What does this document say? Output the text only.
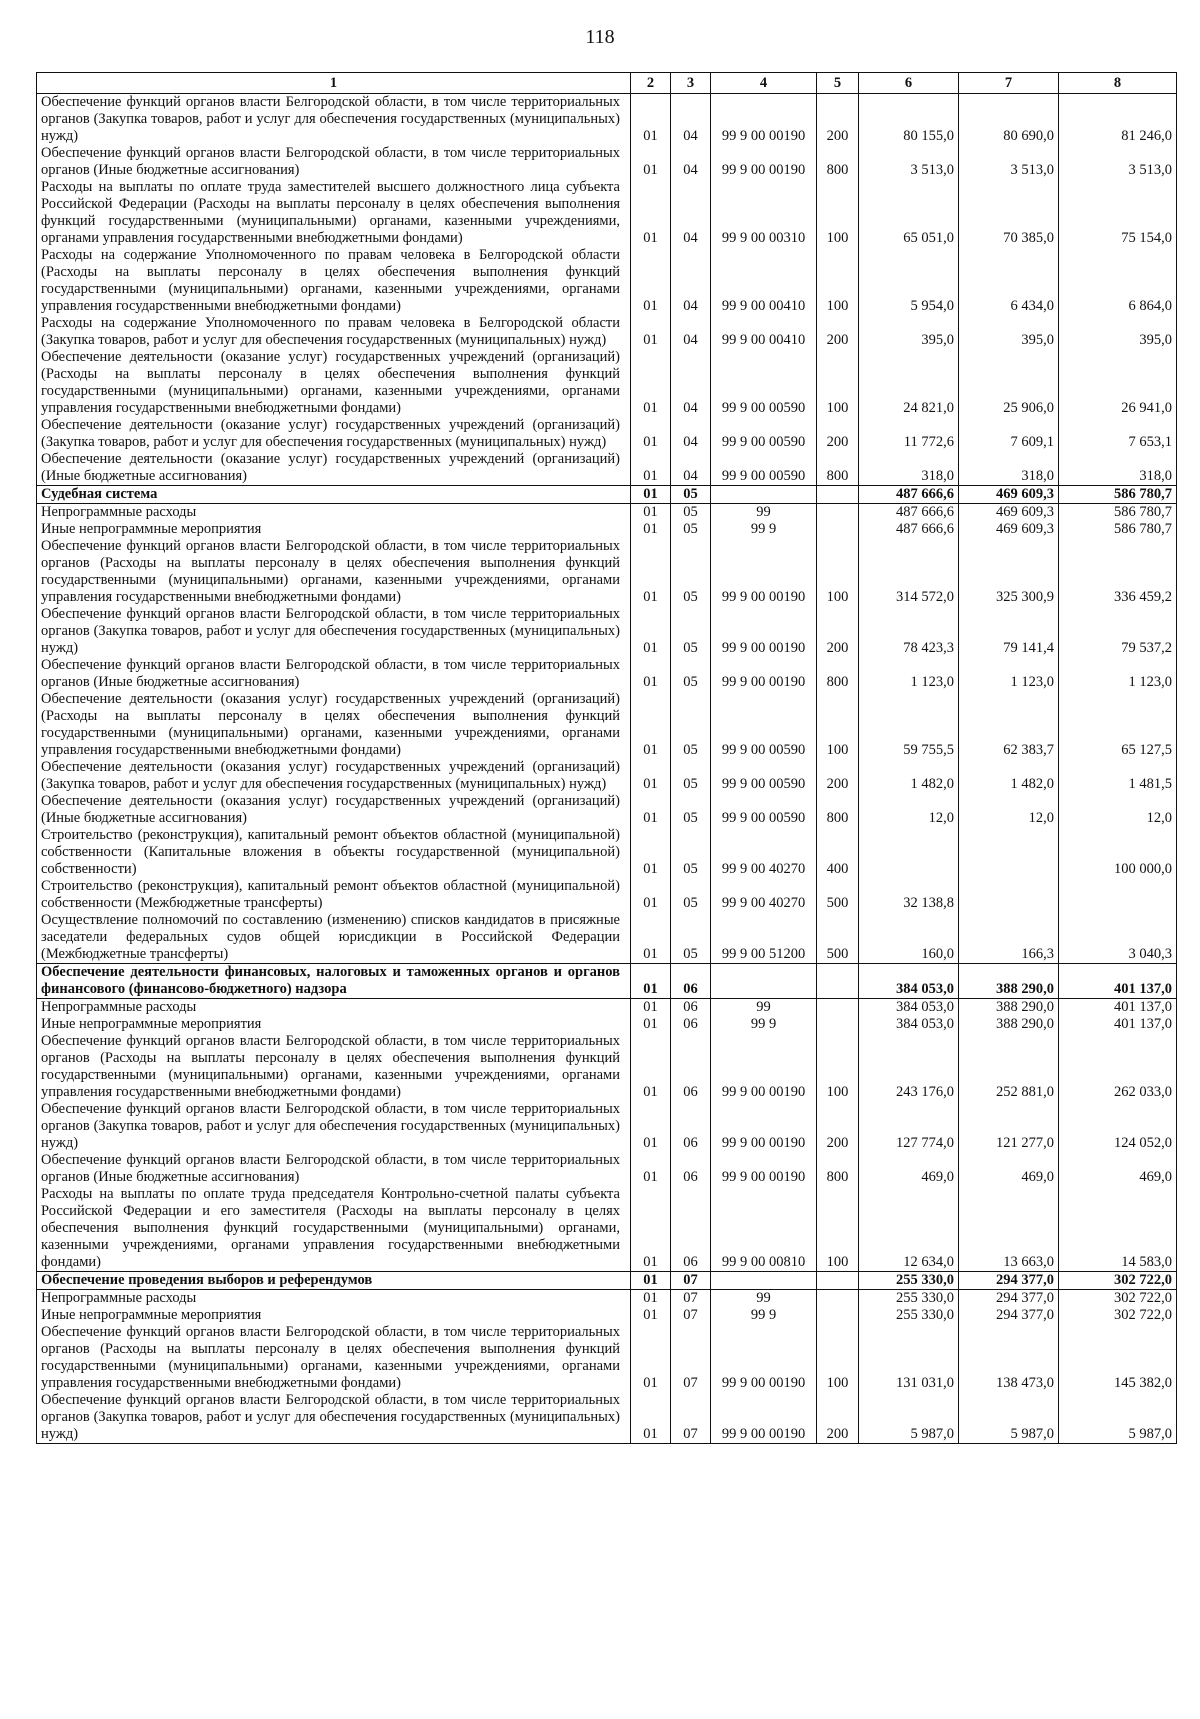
118
1	2	3	4	5	6	7	8
Обеспечение функций органов власти Белгородской области, в том числе территориальных органов (Закупка товаров, работ и услуг для обеспечения государственных (муниципальных) нужд)	01	04	99 9 00 00190	200	80 155,0	80 690,0	81 246,0
Обеспечение функций органов власти Белгородской области, в том числе территориальных органов (Иные бюджетные ассигнования)	01	04	99 9 00 00190	800	3 513,0	3 513,0	3 513,0
Расходы на выплаты по оплате труда заместителей высшего должностного лица субъекта Российской Федерации (Расходы на выплаты персоналу в целях обеспечения выполнения функций государственными (муниципальными) органами, казенными учреждениями, органами управления государственными внебюджетными фондами)	01	04	99 9 00 00310	100	65 051,0	70 385,0	75 154,0
Расходы на содержание Уполномоченного по правам человека в Белгородской области (Расходы на выплаты персоналу в целях обеспечения выполнения функций государственными (муниципальными) органами, казенными учреждениями, органами управления государственными внебюджетными фондами)	01	04	99 9 00 00410	100	5 954,0	6 434,0	6 864,0
Расходы на содержание Уполномоченного по правам человека в Белгородской области (Закупка товаров, работ и услуг для обеспечения государственных (муниципальных) нужд)	01	04	99 9 00 00410	200	395,0	395,0	395,0
Обеспечение деятельности (оказание услуг) государственных учреждений (организаций) (Расходы на выплаты персоналу в целях обеспечения выполнения функций государственными (муниципальными) органами, казенными учреждениями, органами управления государственными внебюджетными фондами)	01	04	99 9 00 00590	100	24 821,0	25 906,0	26 941,0
Обеспечение деятельности (оказание услуг) государственных учреждений (организаций) (Закупка товаров, работ и услуг для обеспечения государственных (муниципальных) нужд)	01	04	99 9 00 00590	200	11 772,6	7 609,1	7 653,1
Обеспечение деятельности (оказание услуг) государственных учреждений (организаций) (Иные бюджетные ассигнования)	01	04	99 9 00 00590	800	318,0	318,0	318,0
Судебная система	01	05			487 666,6	469 609,3	586 780,7
Непрограммные расходы	01	05	99		487 666,6	469 609,3	586 780,7
Иные непрограммные мероприятия	01	05	99 9		487 666,6	469 609,3	586 780,7
Обеспечение функций органов власти Белгородской области, в том числе территориальных органов (Расходы на выплаты персоналу в целях обеспечения выполнения функций государственными (муниципальными) органами, казенными учреждениями, органами управления государственными внебюджетными фондами)	01	05	99 9 00 00190	100	314 572,0	325 300,9	336 459,2
Обеспечение функций органов власти Белгородской области, в том числе территориальных органов (Закупка товаров, работ и услуг для обеспечения государственных (муниципальных) нужд)	01	05	99 9 00 00190	200	78 423,3	79 141,4	79 537,2
Обеспечение функций органов власти Белгородской области, в том числе территориальных органов (Иные бюджетные ассигнования)	01	05	99 9 00 00190	800	1 123,0	1 123,0	1 123,0
Обеспечение деятельности (оказания услуг) государственных учреждений (организаций) (Расходы на выплаты персоналу в целях обеспечения выполнения функций государственными (муниципальными) органами, казенными учреждениями, органами управления государственными внебюджетными фондами)	01	05	99 9 00 00590	100	59 755,5	62 383,7	65 127,5
Обеспечение деятельности (оказания услуг) государственных учреждений (организаций) (Закупка товаров, работ и услуг для обеспечения государственных (муниципальных) нужд)	01	05	99 9 00 00590	200	1 482,0	1 482,0	1 481,5
Обеспечение деятельности (оказания услуг) государственных учреждений (организаций) (Иные бюджетные ассигнования)	01	05	99 9 00 00590	800	12,0	12,0	12,0
Строительство (реконструкция), капитальный ремонт объектов областной (муниципальной) собственности (Капитальные вложения в объекты государственной (муниципальной) собственности)	01	05	99 9 00 40270	400			100 000,0
Строительство (реконструкция), капитальный ремонт объектов областной (муниципальной) собственности (Межбюджетные трансферты)	01	05	99 9 00 40270	500	32 138,8		
Осуществление полномочий по составлению (изменению) списков кандидатов в присяжные заседатели федеральных судов общей юрисдикции в Российской Федерации (Межбюджетные трансферты)	01	05	99 9 00 51200	500	160,0	166,3	3 040,3
Обеспечение деятельности финансовых, налоговых и таможенных органов и органов финансового (финансово-бюджетного) надзора	01	06			384 053,0	388 290,0	401 137,0
Непрограммные расходы	01	06	99		384 053,0	388 290,0	401 137,0
Иные непрограммные мероприятия	01	06	99 9		384 053,0	388 290,0	401 137,0
Обеспечение функций органов власти Белгородской области, в том числе территориальных органов (Расходы на выплаты персоналу в целях обеспечения выполнения функций государственными (муниципальными) органами, казенными учреждениями, органами управления государственными внебюджетными фондами)	01	06	99 9 00 00190	100	243 176,0	252 881,0	262 033,0
Обеспечение функций органов власти Белгородской области, в том числе территориальных органов (Закупка товаров, работ и услуг для обеспечения государственных (муниципальных) нужд)	01	06	99 9 00 00190	200	127 774,0	121 277,0	124 052,0
Обеспечение функций органов власти Белгородской области, в том числе территориальных органов (Иные бюджетные ассигнования)	01	06	99 9 00 00190	800	469,0	469,0	469,0
Расходы на выплаты по оплате труда председателя Контрольно-счетной палаты субъекта Российской Федерации и его заместителя (Расходы на выплаты персоналу в целях обеспечения выполнения функций государственными (муниципальными) органами, казенными учреждениями, органами управления государственными внебюджетными фондами)	01	06	99 9 00 00810	100	12 634,0	13 663,0	14 583,0
Обеспечение проведения выборов и референдумов	01	07			255 330,0	294 377,0	302 722,0
Непрограммные расходы	01	07	99		255 330,0	294 377,0	302 722,0
Иные непрограммные мероприятия	01	07	99 9		255 330,0	294 377,0	302 722,0
Обеспечение функций органов власти Белгородской области, в том числе территориальных органов (Расходы на выплаты персоналу в целях обеспечения выполнения функций государственными (муниципальными) органами, казенными учреждениями, органами управления государственными внебюджетными фондами)	01	07	99 9 00 00190	100	131 031,0	138 473,0	145 382,0
Обеспечение функций органов власти Белгородской области, в том числе территориальных органов (Закупка товаров, работ и услуг для обеспечения государственных (муниципальных) нужд)	01	07	99 9 00 00190	200	5 987,0	5 987,0	5 987,0
